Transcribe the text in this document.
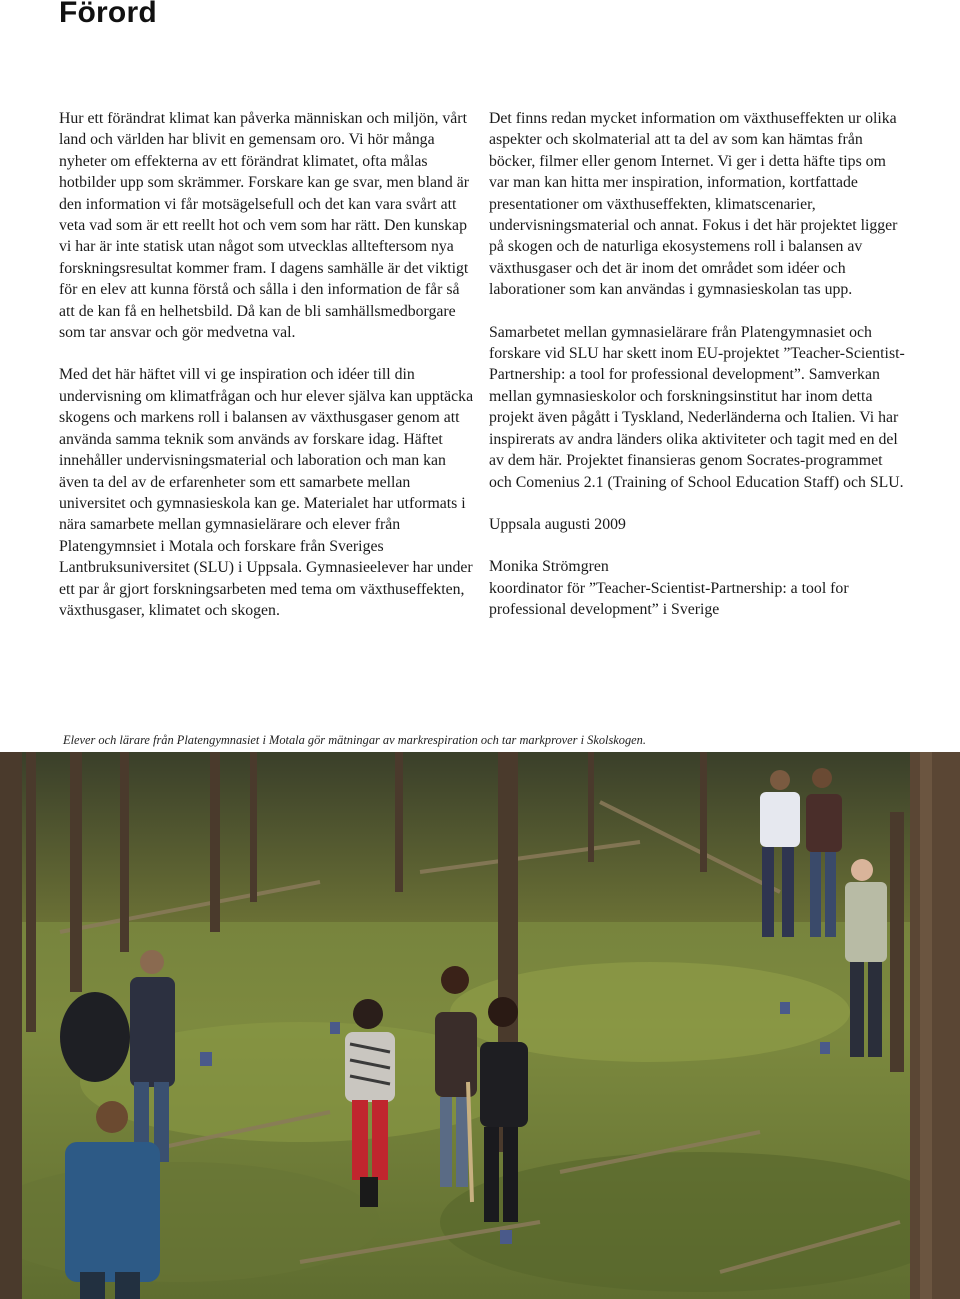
Förord

Hur ett förändrat klimat kan påverka människan och miljön, vårt land och världen har blivit en gemensam oro. Vi hör många nyheter om effekterna av ett förändrat klimatet, ofta målas hotbilder upp som skrämmer. Forskare kan ge svar, men bland är den information vi får motsägelsefull och det kan vara svårt att veta vad som är ett reellt hot och vem som har rätt. Den kunskap vi har är inte statisk utan något som utvecklas allteftersom nya forskningsresultat kommer fram. I dagens samhälle är det viktigt för en elev att kunna förstå och sålla i den information de får så att de kan få en helhetsbild. Då kan de bli samhällsmedborgare som tar ansvar och gör medvetna val.

Med det här häftet vill vi ge inspiration och idéer till din undervisning om klimatfrågan och hur elever själva kan upptäcka skogens och markens roll i balansen av växthusgaser genom att använda samma teknik som används av forskare idag. Häftet innehåller undervisningsmaterial och laboration och man kan även ta del av de erfarenheter som ett samarbete mellan universitet och gymnasieskola kan ge. Materialet har utformats i nära samarbete mellan gymnasielärare och elever från Platengymnsiet i Motala och forskare från Sveriges Lantbruksuniversitet (SLU) i Uppsala. Gymnasieelever har under ett par år gjort forskningsarbeten med tema om växthuseffekten, växthusgaser, klimatet och skogen.

Det finns redan mycket information om växthuseffekten ur olika aspekter och skolmaterial att ta del av som kan hämtas från böcker, filmer eller genom Internet. Vi ger i detta häfte tips om var man kan hitta mer inspiration, information, kortfattade presentationer om växthuseffekten, klimatscenarier, undervisningsmaterial och annat. Fokus i det här projektet ligger på skogen och de naturliga ekosystemens roll i balansen av växthusgaser och det är inom det området som idéer och laborationer som kan användas i gymnasieskolan tas upp.

Samarbetet mellan gymnasielärare från Platengymnasiet och forskare vid SLU har skett inom EU-projektet ”Teacher-Scientist-Partnership: a tool for professional development”. Samverkan mellan gymnasieskolor och forskningsinstitut har inom detta projekt även pågått i Tyskland, Nederländerna och Italien. Vi har inspirerats av andra länders olika aktiviteter och tagit med en del av dem här. Projektet finansieras genom Socrates-programmet och Comenius 2.1 (Training of School Education Staff) och SLU.

Uppsala augusti 2009

Monika Strömgren

koordinator för ”Teacher-Scientist-Partnership: a tool for professional development” i Sverige

Elever och lärare från Platengymnasiet i Motala gör mätningar av markrespiration och tar markprover i Skolskogen.
